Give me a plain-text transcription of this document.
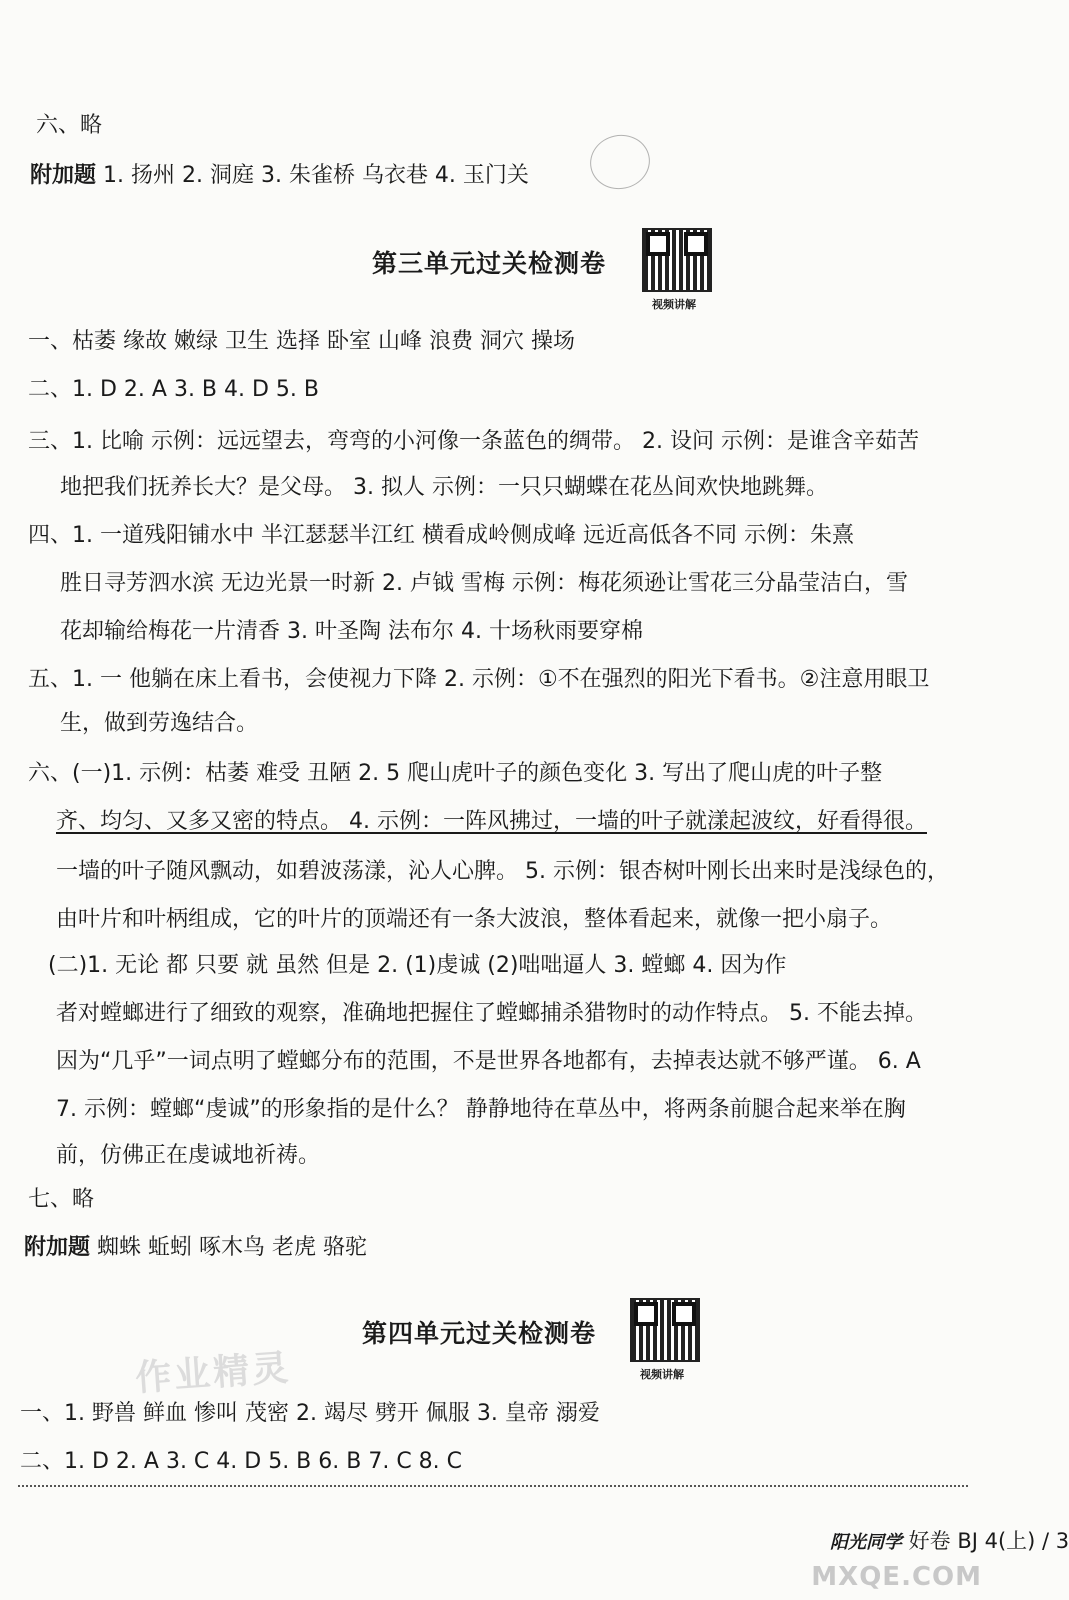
六、略
附加题 1. 扬州 2. 洞庭 3. 朱雀桥 乌衣巷 4. 玉门关
第三单元过关检测卷
视频讲解
一、枯萎 缘故 嫩绿 卫生 选择 卧室 山峰 浪费 洞穴 操场
二、1. D 2. A 3. B 4. D 5. B
三、1. 比喻 示例：远远望去，弯弯的小河像一条蓝色的绸带。 2. 设问 示例：是谁含辛茹苦
地把我们抚养长大？是父母。 3. 拟人 示例：一只只蝴蝶在花丛间欢快地跳舞。
四、1. 一道残阳铺水中 半江瑟瑟半江红 横看成岭侧成峰 远近高低各不同 示例：朱熹
胜日寻芳泗水滨 无边光景一时新 2. 卢钺 雪梅 示例：梅花须逊让雪花三分晶莹洁白，雪
花却输给梅花一片清香 3. 叶圣陶 法布尔 4. 十场秋雨要穿棉
五、1. 一 他躺在床上看书，会使视力下降 2. 示例：①不在强烈的阳光下看书。②注意用眼卫
生，做到劳逸结合。
六、(一)1. 示例：枯萎 难受 丑陋 2. 5 爬山虎叶子的颜色变化 3. 写出了爬山虎的叶子整
齐、均匀、又多又密的特点。 4. 示例：一阵风拂过，一墙的叶子就漾起波纹，好看得很。
一墙的叶子随风飘动，如碧波荡漾，沁人心脾。 5. 示例：银杏树叶刚长出来时是浅绿色的，
由叶片和叶柄组成，它的叶片的顶端还有一条大波浪，整体看起来，就像一把小扇子。
(二)1. 无论 都 只要 就 虽然 但是 2. (1)虔诚 (2)咄咄逼人 3. 螳螂 4. 因为作
者对螳螂进行了细致的观察，准确地把握住了螳螂捕杀猎物时的动作特点。 5. 不能去掉。
因为“几乎”一词点明了螳螂分布的范围，不是世界各地都有，去掉表达就不够严谨。 6. A
7. 示例：螳螂“虔诚”的形象指的是什么？ 静静地待在草丛中，将两条前腿合起来举在胸
前，仿佛正在虔诚地祈祷。
七、略
附加题 蜘蛛 蚯蚓 啄木鸟 老虎 骆驼
作业精灵
第四单元过关检测卷
视频讲解
一、1. 野兽 鲜血 惨叫 茂密 2. 竭尽 劈开 佩服 3. 皇帝 溺爱
二、1. D 2. A 3. C 4. D 5. B 6. B 7. C 8. C
阳光同学 好卷 BJ 4(上) / 3
MXQE.COM
